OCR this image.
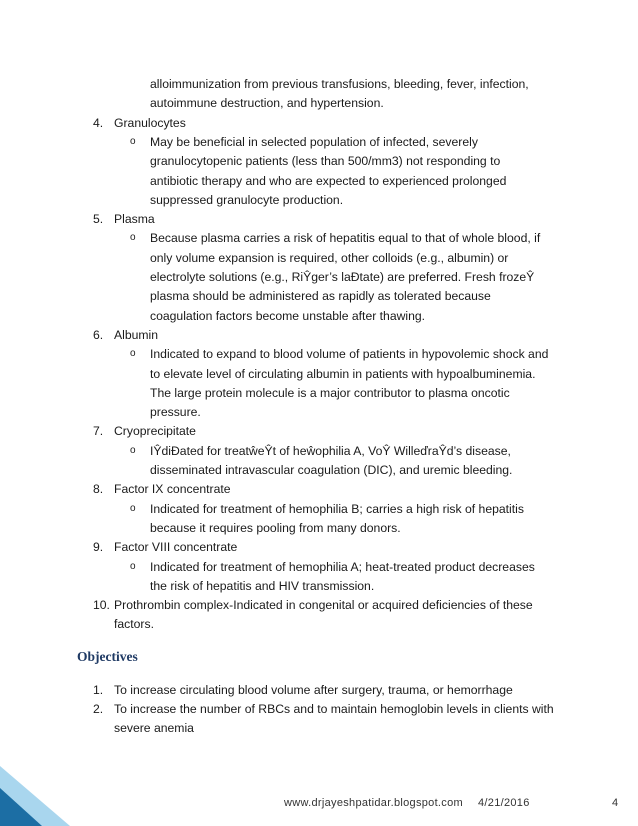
alloimmunization from previous transfusions, bleeding, fever, infection,
autoimmune destruction, and hypertension.
4. Granulocytes
o May be beneficial in selected population of infected, severely
granulocytopenic patients (less than 500/mm3) not responding to
antibiotic therapy and who are expected to experienced prolonged
suppressed granulocyte production.
5. Plasma
o Because plasma carries a risk of hepatitis equal to that of whole blood, if
only volume expansion is required, other colloids (e.g., albumin) or
electrolyte solutions (e.g., RiŶger’s laĐtate) are preferred. Fresh frozeŶ
plasma should be administered as rapidly as tolerated because
coagulation factors become unstable after thawing.
6. Albumin
o Indicated to expand to blood volume of patients in hypovolemic shock and
to elevate level of circulating albumin in patients with hypoalbuminemia.
The large protein molecule is a major contributor to plasma oncotic
pressure.
7. Cryoprecipitate
o IŶdiĐated for treatŵeŶt of heŵophilia A, VoŶ WilleďraŶd’s disease,
disseminated intravascular coagulation (DIC), and uremic bleeding.
8. Factor IX concentrate
o Indicated for treatment of hemophilia B; carries a high risk of hepatitis
because it requires pooling from many donors.
9. Factor VIII concentrate
o Indicated for treatment of hemophilia A; heat-treated product decreases
the risk of hepatitis and HIV transmission.
10. Prothrombin complex-Indicated in congenital or acquired deficiencies of these
factors.
Objectives
1. To increase circulating blood volume after surgery, trauma, or hemorrhage
2. To increase the number of RBCs and to maintain hemoglobin levels in clients with
severe anemia
www.drjayeshpatidar.blogspot.com 4/21/2016	4
